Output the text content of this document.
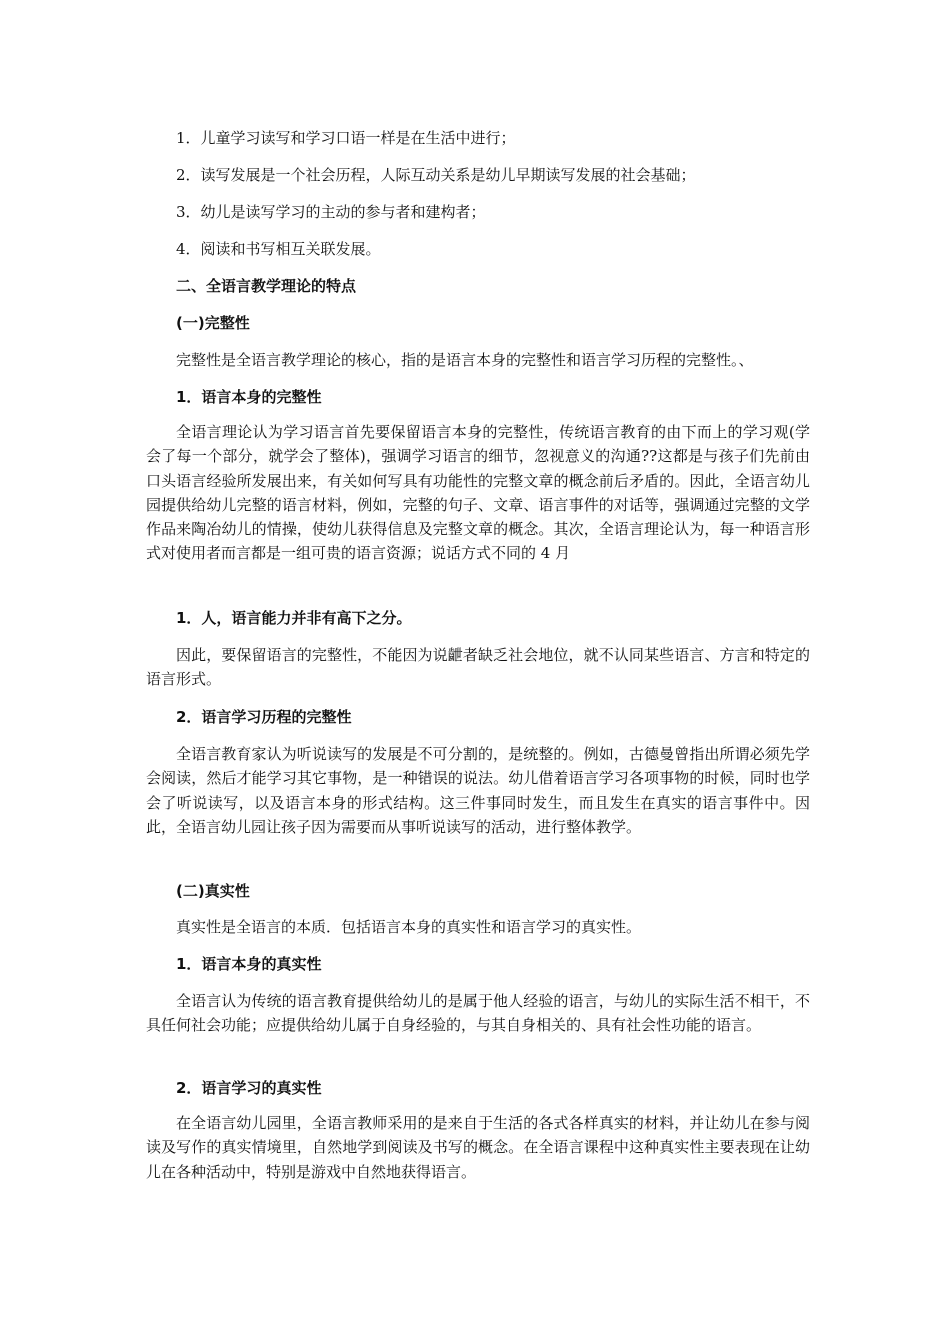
1．儿童学习读写和学习口语一样是在生活中进行；
2．读写发展是一个社会历程，人际互动关系是幼儿早期读写发展的社会基础；
3．幼儿是读写学习的主动的参与者和建构者；
4．阅读和书写相互关联发展。
二、全语言教学理论的特点
(一)完整性
完整性是全语言教学理论的核心，指的是语言本身的完整性和语言学习历程的完整性。、
1．语言本身的完整性
全语言理论认为学习语言首先要保留语言本身的完整性，传统语言教育的由下而上的学习观(学会了每一个部分，就学会了整体)，强调学习语言的细节，忽视意义的沟通??这都是与孩子们先前由口头语言经验所发展出来，有关如何写具有功能性的完整文章的概念前后矛盾的。因此，全语言幼儿园提供给幼儿完整的语言材料，例如，完整的句子、文章、语言事件的对话等，强调通过完整的文学作品来陶冶幼儿的情操，使幼儿获得信息及完整文章的概念。其次，全语言理论认为，每一种语言形式对使用者而言都是一组可贵的语言资源；说话方式不同的 4 月
1．人，语言能力并非有高下之分。
因此，要保留语言的完整性，不能因为说齛者缺乏社会地位，就不认同某些语言、方言和特定的语言形式。
2．语言学习历程的完整性
全语言教育家认为听说读写的发展是不可分割的，是统整的。例如，古德曼曾指出所谓必须先学会阅读，然后才能学习其它事物，是一种错误的说法。幼儿借着语言学习各项事物的时候，同时也学会了听说读写，以及语言本身的形式结构。这三件事同时发生，而且发生在真实的语言事件中。因此，全语言幼儿园让孩子因为需要而从事听说读写的活动，进行整体教学。
(二)真实性
真实性是全语言的本质．包括语言本身的真实性和语言学习的真实性。
1．语言本身的真实性
全语言认为传统的语言教育提供给幼儿的是属于他人经验的语言，与幼儿的实际生活不相干，不具任何社会功能；应提供给幼儿属于自身经验的，与其自身相关的、具有社会性功能的语言。
2．语言学习的真实性
在全语言幼儿园里，全语言教师采用的是来自于生活的各式各样真实的材料，并让幼儿在参与阅读及写作的真实情境里，自然地学到阅读及书写的概念。在全语言课程中这种真实性主要表现在让幼儿在各种活动中，特别是游戏中自然地获得语言。
